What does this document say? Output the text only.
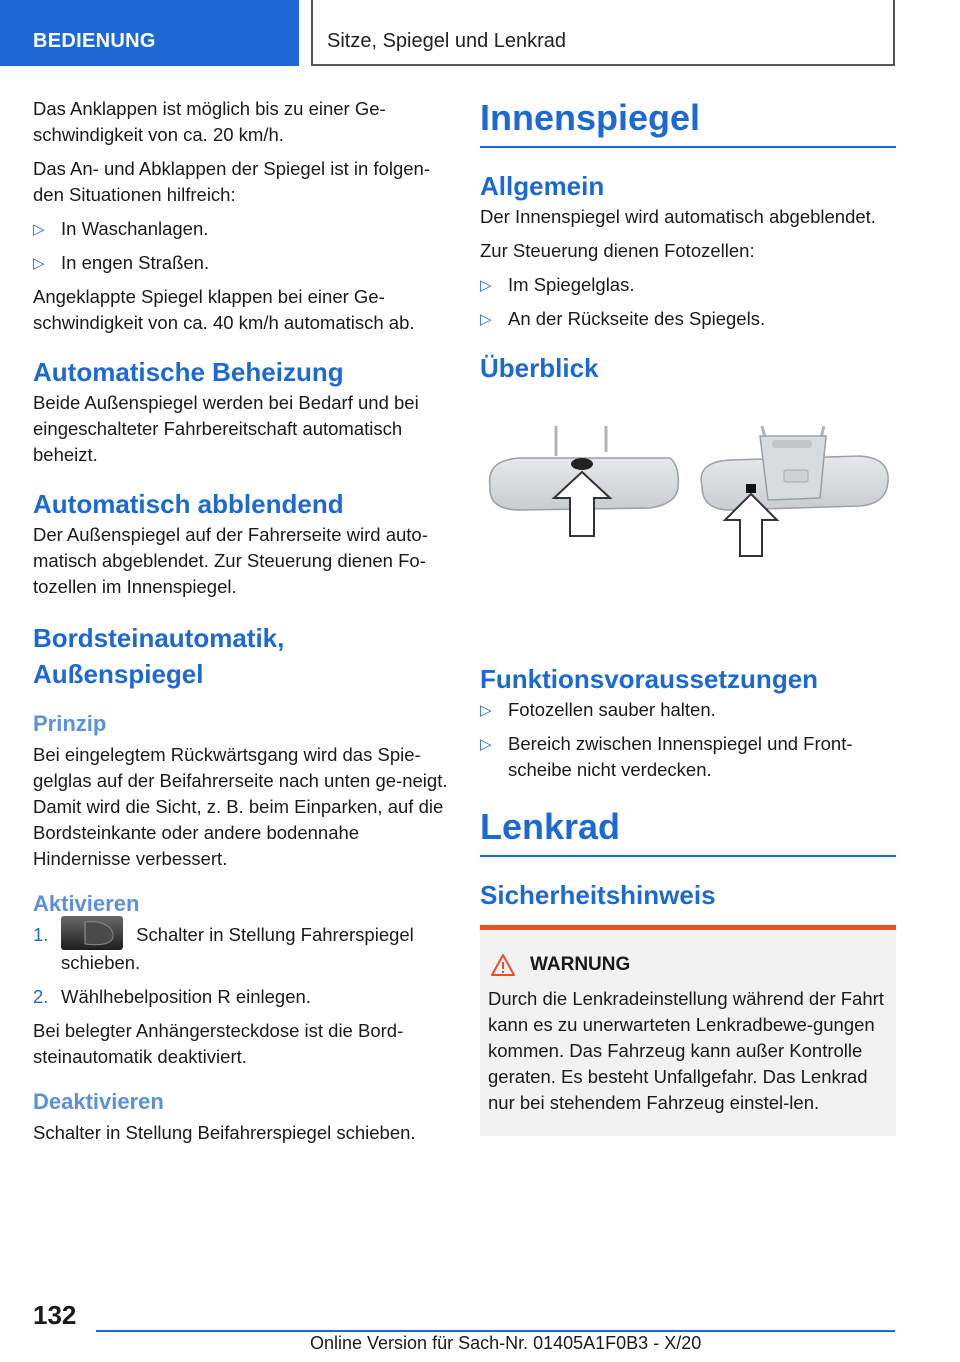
BEDIENUNG	Sitze, Spiegel und Lenkrad

Das Anklappen ist möglich bis zu einer Ge-schwindigkeit von ca. 20 km/h.

Das An- und Abklappen der Spiegel ist in folgen-den Situationen hilfreich:

▷ In Waschanlagen.
▷ In engen Straßen.

Angeklappte Spiegel klappen bei einer Ge-schwindigkeit von ca. 40 km/h automatisch ab.

Automatische Beheizung

Beide Außenspiegel werden bei Bedarf und bei eingeschalteter Fahrbereitschaft automatisch beheizt.

Automatisch abblendend

Der Außenspiegel auf der Fahrerseite wird auto-matisch abgeblendet. Zur Steuerung dienen Fo-tozellen im Innenspiegel.

Bordsteinautomatik, Außenspiegel
Prinzip

Bei eingelegtem Rückwärtsgang wird das Spie-gelglas auf der Beifahrerseite nach unten ge-neigt. Damit wird die Sicht, z. B. beim Einparken, auf die Bordsteinkante oder andere bodennahe Hindernisse verbessert.

Aktivieren
1.	Schalter in Stellung Fahrerspiegel schieben.
2. Wählhebelposition R einlegen.

Bei belegter Anhängersteckdose ist die Bord-steinautomatik deaktiviert.

Deaktivieren

Schalter in Stellung Beifahrerspiegel schieben.

Innenspiegel
Allgemein

Der Innenspiegel wird automatisch abgeblendet.

Zur Steuerung dienen Fotozellen:

▷ Im Spiegelglas.
▷ An der Rückseite des Spiegels.
Überblick
Funktionsvoraussetzungen
▷ Fotozellen sauber halten.
▷ Bereich zwischen Innenspiegel und Front-scheibe nicht verdecken.
Lenkrad
Sicherheitshinweis
WARNUNG

Durch die Lenkradeinstellung während der Fahrt kann es zu unerwarteten Lenkradbewe-gungen kommen. Das Fahrzeug kann außer Kontrolle geraten. Es besteht Unfallgefahr. Das Lenkrad nur bei stehendem Fahrzeug einstel-len.

132
Online Version für Sach-Nr. 01405A1F0B3 - X/20
